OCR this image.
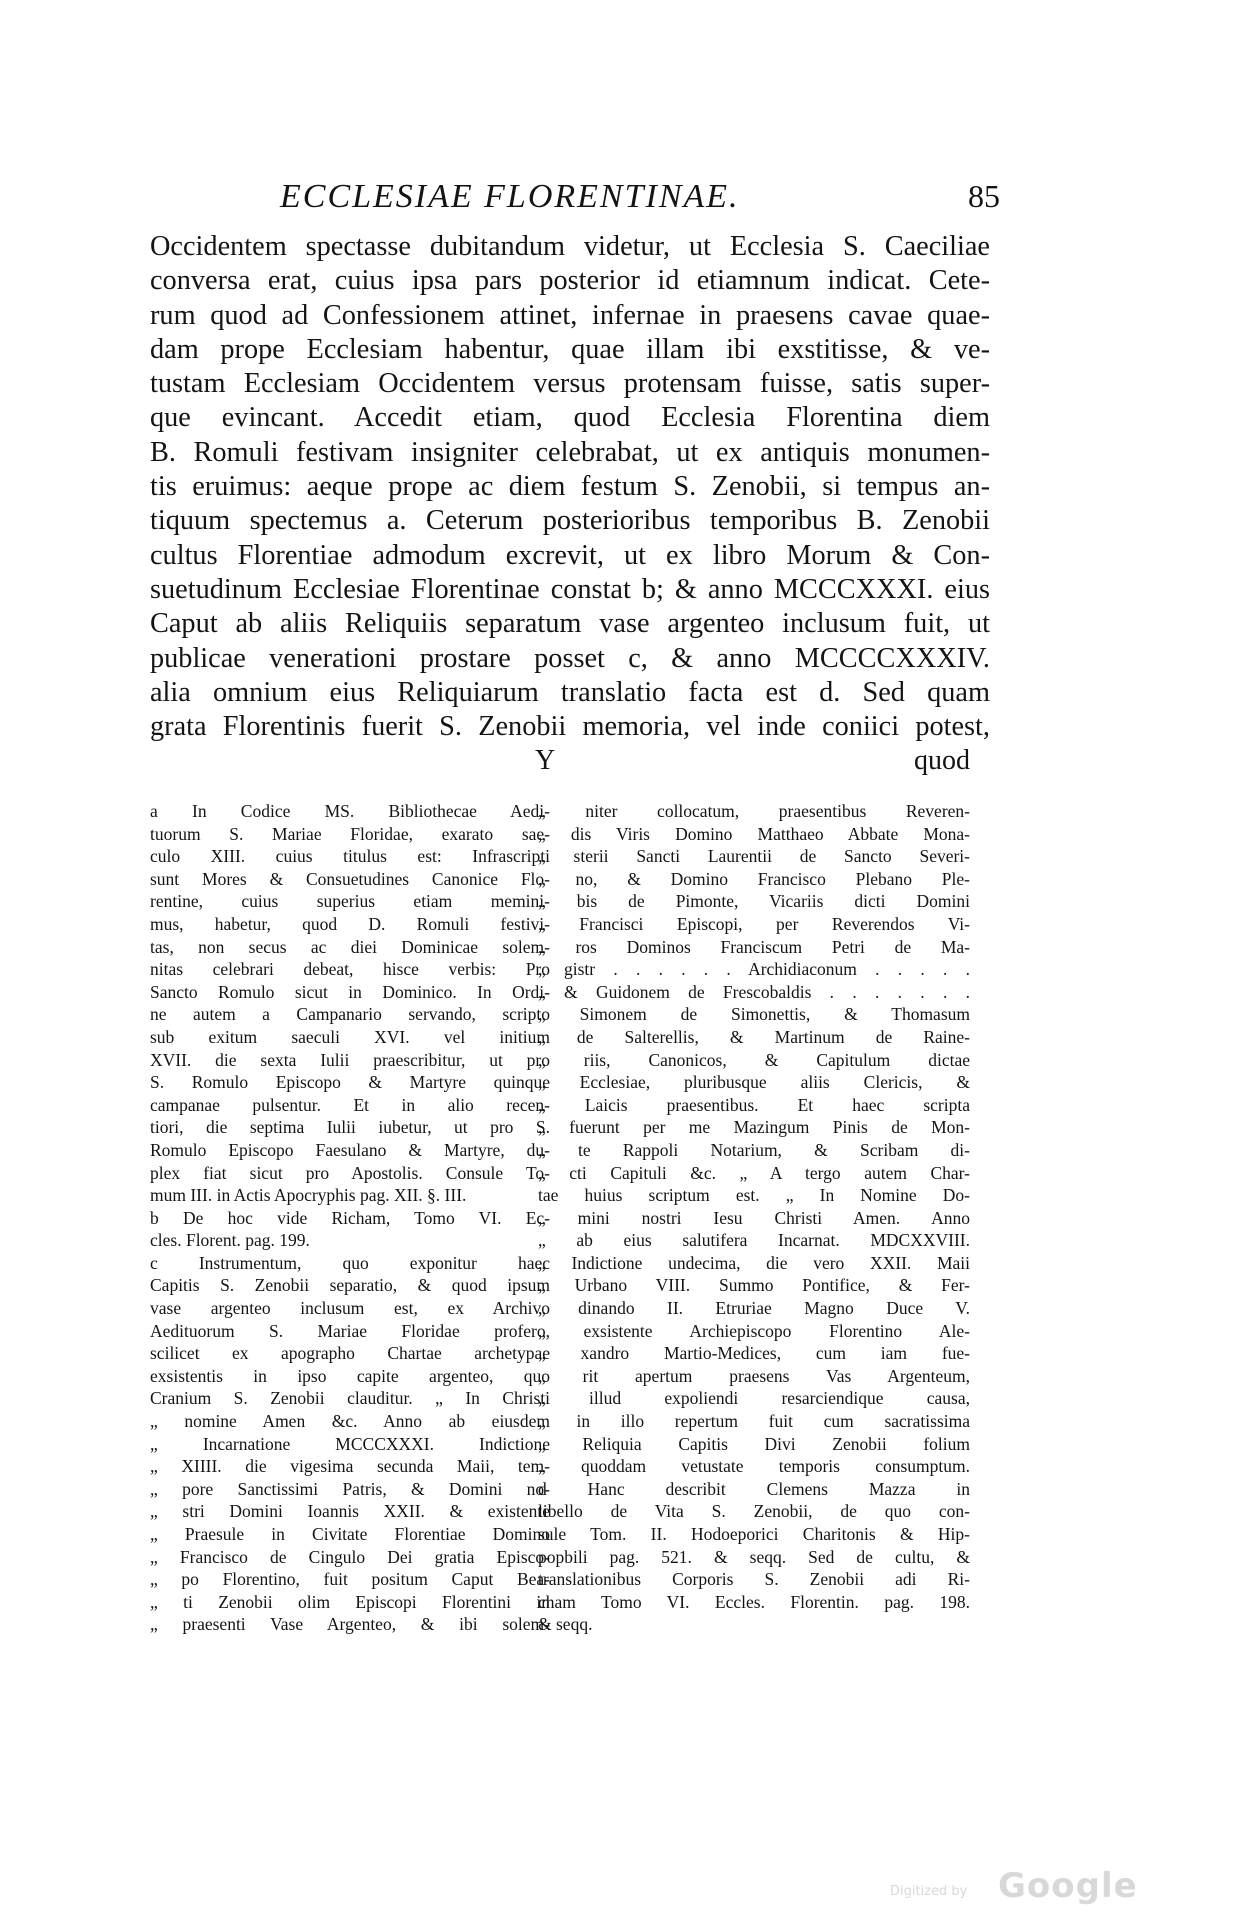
ECCLESIAE FLORENTINAE.	85
Occidentem spectasse dubitandum videtur, ut Ecclesia S. Caeciliae
conversa erat, cuius ipsa pars posterior id etiamnum indicat. Cete-
rum quod ad Confessionem attinet, infernae in praesens cavae quae-
dam prope Ecclesiam habentur, quae illam ibi exstitisse, & ve-
tustam Ecclesiam Occidentem versus protensam fuisse, satis super-
que evincant. Accedit etiam, quod Ecclesia Florentina diem
B. Romuli festivam insigniter celebrabat, ut ex antiquis monumen-
tis eruimus: aeque prope ac diem festum S. Zenobii, si tempus an-
tiquum spectemus a. Ceterum posterioribus temporibus B. Zenobii
cultus Florentiae admodum excrevit, ut ex libro Morum & Con-
suetudinum Ecclesiae Florentinae constat b; & anno MCCCXXXI. eius
Caput ab aliis Reliquiis separatum vase argenteo inclusum fuit, ut
publicae venerationi prostare posset c, & anno MCCCCXXXIV.
alia omnium eius Reliquiarum translatio facta est d. Sed quam
grata Florentinis fuerit S. Zenobii memoria, vel inde coniici potest,
Y	quod
a In Codice MS. Bibliothecae Aedi-
tuorum S. Mariae Floridae, exarato sae-
culo XIII. cuius titulus est: Infrascripti
sunt Mores & Consuetudines Canonice Flo-
rentine, cuius superius etiam memini-
mus, habetur, quod D. Romuli festivi-
tas, non secus ac diei Dominicae solem-
nitas celebrari debeat, hisce verbis: Pro
Sancto Romulo sicut in Dominico. In Ordi-
ne autem a Campanario servando, scripto
sub exitum saeculi XVI. vel initium
XVII. die sexta Iulii praescribitur, ut pro
S. Romulo Episcopo & Martyre quinque
campanae pulsentur. Et in alio recen-
tiori, die septima Iulii iubetur, ut pro S.
Romulo Episcopo Faesulano & Martyre, du-
plex fiat sicut pro Apostolis. Consule To-
mum III. in Actis Apocryphis pag. XII. §. III.
b De hoc vide Richam, Tomo VI. Ec-
cles. Florent. pag. 199.
c Instrumentum, quo exponitur haec
Capitis S. Zenobii separatio, & quod ipsum
vase argenteo inclusum est, ex Archivo
Aedituorum S. Mariae Floridae profero,
scilicet ex apographo Chartae archetypae
exsistentis in ipso capite argenteo, quo
Cranium S. Zenobii clauditur. „ In Christi
„ nomine Amen &c. Anno ab eiusdem
„ Incarnatione MCCCXXXI. Indictione
„ XIIII. die vigesima secunda Maii, tem-
„ pore Sanctissimi Patris, & Domini no-
„ stri Domini Ioannis XXII. & existente
„ Praesule in Civitate Florentiae Domino
„ Francisco de Cingulo Dei gratia Episco-
„ po Florentino, fuit positum Caput Bea-
„ ti Zenobii olim Episcopi Florentini in
„ praesenti Vase Argenteo, & ibi solem-
„ niter collocatum, praesentibus Reveren-
„ dis Viris Domino Matthaeo Abbate Mona-
„ sterii Sancti Laurentii de Sancto Severi-
„ no, & Domino Francisco Plebano Ple-
„ bis de Pimonte, Vicariis dicti Domini
„ Francisci Episcopi, per Reverendos Vi-
„ ros Dominos Franciscum Petri de Ma-
„ gistr . . . . . . Archidiaconum . . . . .
„ & Guidonem de Frescobaldis . . . . . . .
„ Simonem de Simonettis, & Thomasum
„ de Salterellis, & Martinum de Raine-
„ riis, Canonicos, & Capitulum dictae
„ Ecclesiae, pluribusque aliis Clericis, &
„ Laicis praesentibus. Et haec scripta
„ fuerunt per me Mazingum Pinis de Mon-
„ te Rappoli Notarium, & Scribam di-
„ cti Capituli &c. „ A tergo autem Char-
tae huius scriptum est. „ In Nomine Do-
„ mini nostri Iesu Christi Amen. Anno
„ ab eius salutifera Incarnat. MDCXXVIII.
„ Indictione undecima, die vero XXII. Maii
„ Urbano VIII. Summo Pontifice, & Fer-
„ dinando II. Etruriae Magno Duce V.
„ exsistente Archiepiscopo Florentino Ale-
„ xandro Martio-Medices, cum iam fue-
„ rit apertum praesens Vas Argenteum,
„ illud expoliendi resarciendique causa,
„ in illo repertum fuit cum sacratissima
„ Reliquia Capitis Divi Zenobii folium
„ quoddam vetustate temporis consumptum.
d Hanc describit Clemens Mazza in
libello de Vita S. Zenobii, de quo con-
sule Tom. II. Hodoeporici Charitonis & Hip-
popbili pag. 521. & seqq. Sed de cultu, &
translationibus Corporis S. Zenobii adi Ri-
cham Tomo VI. Eccles. Florentin. pag. 198.
& seqq.
Digitized by Google
